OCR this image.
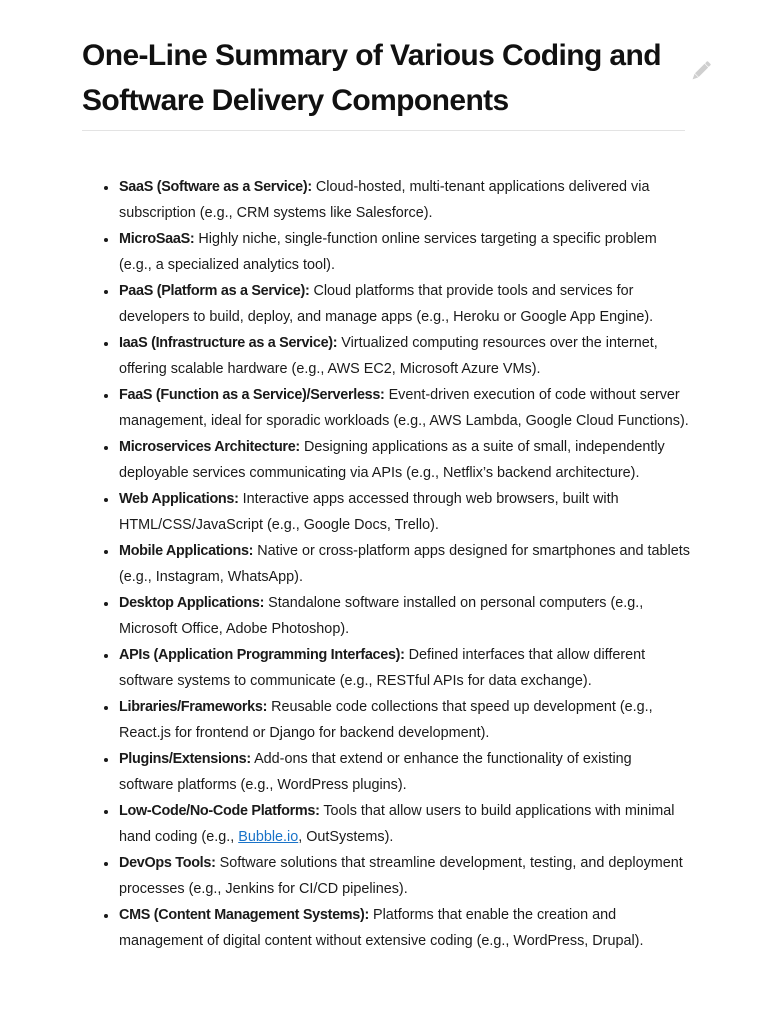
One-Line Summary of Various Coding and
Software Delivery Components
SaaS (Software as a Service): Cloud-hosted, multi-tenant applications delivered via subscription (e.g., CRM systems like Salesforce).
MicroSaaS: Highly niche, single-function online services targeting a specific problem (e.g., a specialized analytics tool).
PaaS (Platform as a Service): Cloud platforms that provide tools and services for developers to build, deploy, and manage apps (e.g., Heroku or Google App Engine).
IaaS (Infrastructure as a Service): Virtualized computing resources over the internet, offering scalable hardware (e.g., AWS EC2, Microsoft Azure VMs).
FaaS (Function as a Service)/Serverless: Event-driven execution of code without server management, ideal for sporadic workloads (e.g., AWS Lambda, Google Cloud Functions).
Microservices Architecture: Designing applications as a suite of small, independently deployable services communicating via APIs (e.g., Netflix’s backend architecture).
Web Applications: Interactive apps accessed through web browsers, built with HTML/CSS/JavaScript (e.g., Google Docs, Trello).
Mobile Applications: Native or cross-platform apps designed for smartphones and tablets (e.g., Instagram, WhatsApp).
Desktop Applications: Standalone software installed on personal computers (e.g., Microsoft Office, Adobe Photoshop).
APIs (Application Programming Interfaces): Defined interfaces that allow different software systems to communicate (e.g., RESTful APIs for data exchange).
Libraries/Frameworks: Reusable code collections that speed up development (e.g., React.js for frontend or Django for backend development).
Plugins/Extensions: Add-ons that extend or enhance the functionality of existing software platforms (e.g., WordPress plugins).
Low-Code/No-Code Platforms: Tools that allow users to build applications with minimal hand coding (e.g., Bubble.io, OutSystems).
DevOps Tools: Software solutions that streamline development, testing, and deployment processes (e.g., Jenkins for CI/CD pipelines).
CMS (Content Management Systems): Platforms that enable the creation and management of digital content without extensive coding (e.g., WordPress, Drupal).
